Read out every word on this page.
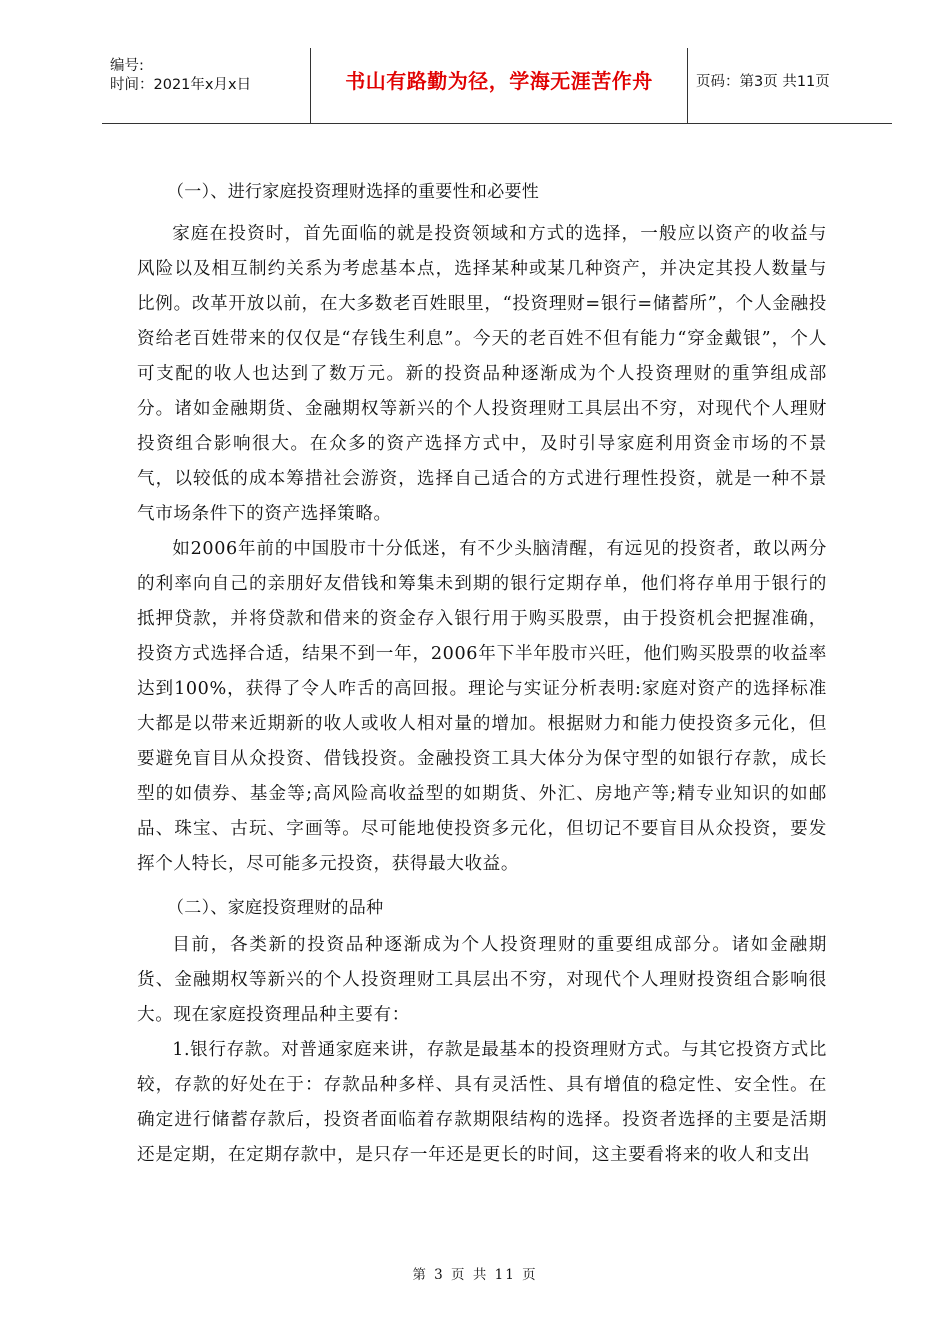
编号:
时间：2021年x月x日	书山有路勤为径，学海无涯苦作舟	页码：第3页 共11页

（一）、进行家庭投资理财选择的重要性和必要性

家庭在投资时，首先面临的就是投资领域和方式的选择，一般应以资产的收益与风险以及相互制约关系为考虑基本点，选择某种或某几种资产，并决定其投人数量与比例。改革开放以前，在大多数老百姓眼里，“投资理财=银行=储蓄所”，个人金融投资给老百姓带来的仅仅是“存钱生利息”。今天的老百姓不但有能力“穿金戴银”，个人可支配的收人也达到了数万元。新的投资品种逐渐成为个人投资理财的重笋组成部分。诸如金融期货、金融期权等新兴的个人投资理财工具层出不穷，对现代个人理财投资组合影响很大。在众多的资产选择方式中，及时引导家庭利用资金市场的不景气，以较低的成本筹措社会游资，选择自己适合的方式进行理性投资，就是一种不景气市场条件下的资产选择策略。

如2006年前的中国股市十分低迷，有不少头脑清醒，有远见的投资者，敢以两分的利率向自己的亲朋好友借钱和筹集未到期的银行定期存单，他们将存单用于银行的抵押贷款，并将贷款和借来的资金存入银行用于购买股票，由于投资机会把握准确，投资方式选择合适，结果不到一年，2006年下半年股市兴旺，他们购买股票的收益率达到100%，获得了令人咋舌的高回报。理论与实证分析表明:家庭对资产的选择标准大都是以带来近期新的收人或收人相对量的增加。根据财力和能力使投资多元化，但要避免盲目从众投资、借钱投资。金融投资工具大体分为保守型的如银行存款，成长型的如债券、基金等;高风险高收益型的如期货、外汇、房地产等;精专业知识的如邮品、珠宝、古玩、字画等。尽可能地使投资多元化，但切记不要盲目从众投资，要发挥个人特长，尽可能多元投资，获得最大收益。

（二）、家庭投资理财的品种

目前，各类新的投资品种逐渐成为个人投资理财的重要组成部分。诸如金融期货、金融期权等新兴的个人投资理财工具层出不穷，对现代个人理财投资组合影响很大。现在家庭投资理品种主要有：

1.银行存款。对普通家庭来讲，存款是最基本的投资理财方式。与其它投资方式比较，存款的好处在于：存款品种多样、具有灵活性、具有增值的稳定性、安全性。在确定进行储蓄存款后，投资者面临着存款期限结构的选择。投资者选择的主要是活期还是定期，在定期存款中，是只存一年还是更长的时间，这主要看将来的收人和支出

第 3 页 共 11 页
